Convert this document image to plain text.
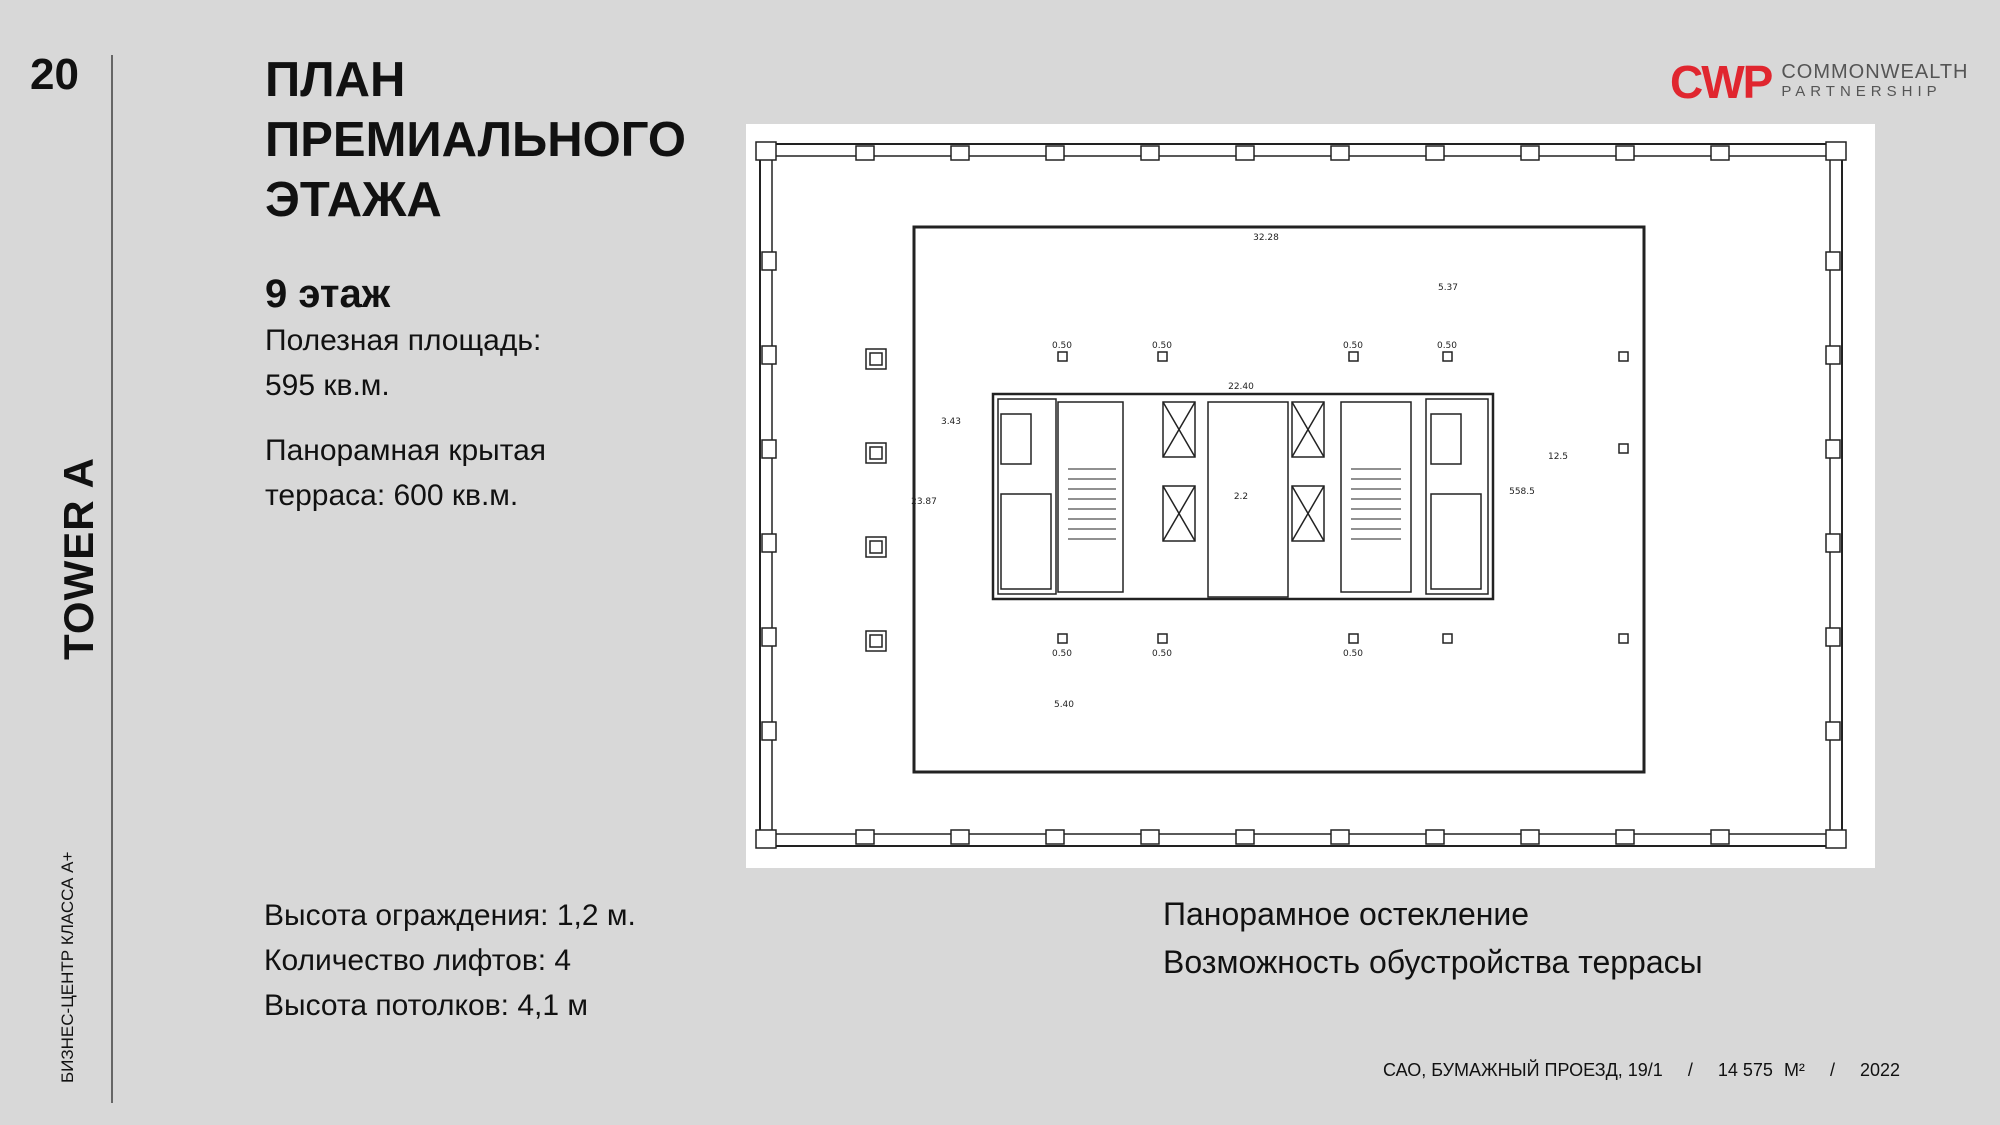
20
TOWER A
БИЗНЕС-ЦЕНТР КЛАССА А+
ПЛАН
ПРЕМИАЛЬНОГО
ЭТАЖА
9 этаж
Полезная площадь:
595 кв.м.
Панорамная крытая
терраса: 600 кв.м.
CWP COMMONWEALTH
PARTNERSHIP
32.28
22.40
23.87
3.43
12.5
5.40
5.37
558.5
0.50	0.50	0.50	0.50
0.50	0.50	0.50
2.2
Высота ограждения: 1,2 м.
Количество лифтов: 4
Высота потолков: 4,1 м
Панорамное остекление
Возможность обустройства террасы
САО, БУМАЖНЫЙ ПРОЕЗД, 19/1 / 14 575 M² / 2022
